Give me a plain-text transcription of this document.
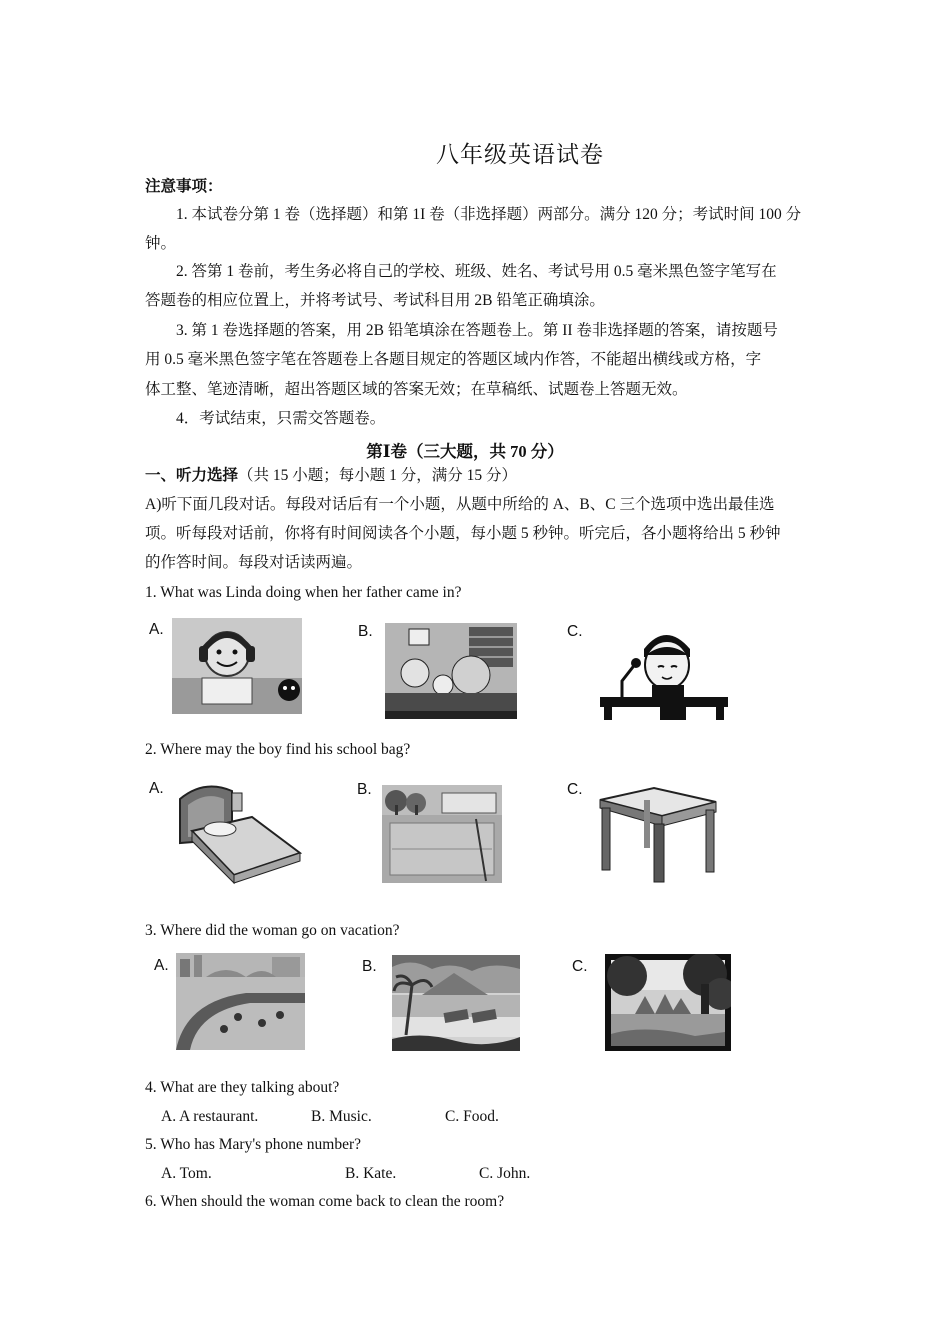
八年级英语试卷
注意事项：
1. 本试卷分第 1 卷（选择题）和第 1I 卷（非选择题）两部分。满分 120 分；考试时间 100 分
钟。
2. 答第 1 卷前，考生务必将自己的学校、班级、姓名、考试号用 0.5 毫米黑色签字笔写在
答题卷的相应位置上，并将考试号、考试科目用 2B 铅笔正确填涂。
3. 第 1 卷选择题的答案，用 2B 铅笔填涂在答题卷上。第 II 卷非选择题的答案，请按题号
用 0.5 毫米黑色签字笔在答题卷上各题目规定的答题区域内作答，不能超出横线或方格，字
体工整、笔迹清晰，超出答题区域的答案无效；在草稿纸、试题卷上答题无效。
4．考试结束，只需交答题卷。
第Ⅰ卷（三大题，共 70 分）
一、听力选择（共 15 小题；每小题 1 分，满分 15 分）
A)听下面几段对话。每段对话后有一个小题，从题中所给的 A、B、C 三个选项中选出最佳选
项。听每段对话前，你将有时间阅读各个小题，每小题 5 秒钟。听完后，各小题将给出 5 秒钟
的作答时间。每段对话读两遍。
1. What was Linda doing when her father came in?
A.	B.	C.
2. Where may the boy find his school bag?
A.	B.	C.
3. Where did the woman go on vacation?
A.	B.	C.
4. What are they talking about?
A. A restaurant.	B. Music.	C. Food.
5. Who has Mary's phone number?
A. Tom.	B. Kate.	C. John.
6. When should the woman come back to clean the room?
